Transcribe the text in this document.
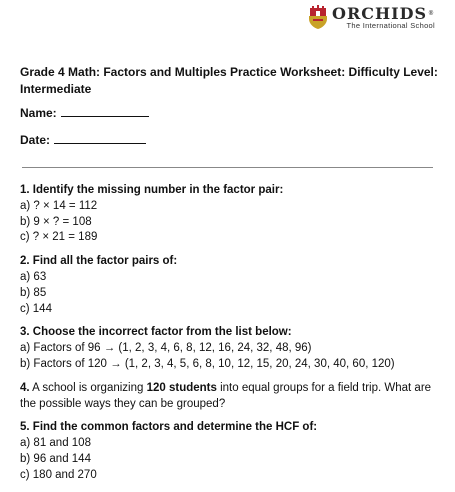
ORCHIDS®
The International School
Grade 4 Math: Factors and Multiples Practice Worksheet: Difficulty Level: Intermediate
Name:
Date:
1. Identify the missing number in the factor pair:
a) ? × 14 = 112
b) 9 × ? = 108
c) ? × 21 = 189
2. Find all the factor pairs of:
a) 63
b) 85
c) 144
3. Choose the incorrect factor from the list below:
a) Factors of 96 → (1, 2, 3, 4, 6, 8, 12, 16, 24, 32, 48, 96)
b) Factors of 120 → (1, 2, 3, 4, 5, 6, 8, 10, 12, 15, 20, 24, 30, 40, 60, 120)
4. A school is organizing 120 students into equal groups for a field trip. What are the possible ways they can be grouped?
5. Find the common factors and determine the HCF of:
a) 81 and 108
b) 96 and 144
c) 180 and 270
